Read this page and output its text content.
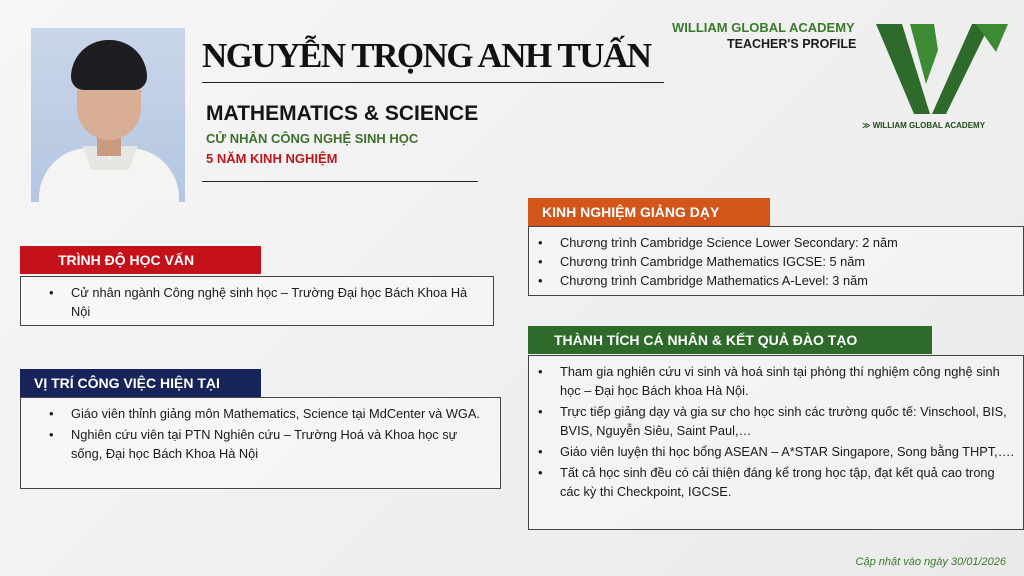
NGUYỄN TRỌNG ANH TUẤN
MATHEMATICS & SCIENCE
CỬ NHÂN CÔNG NGHỆ SINH HỌC
5 NĂM KINH NGHIỆM
WILLIAM GLOBAL ACADEMY
TEACHER'S PROFILE
≫ WILLIAM GLOBAL ACADEMY
TRÌNH ĐỘ HỌC VẤN
• Cử nhân ngành Công nghệ sinh học – Trường Đại học Bách Khoa Hà Nội
VỊ TRÍ CÔNG VIỆC HIỆN TẠI
• Giáo viên thỉnh giảng môn Mathematics, Science tại MdCenter và WGA.
• Nghiên cứu viên tại PTN Nghiên cứu – Trường Hoá và Khoa học sự sống, Đại học Bách Khoa Hà Nội
KINH NGHIỆM GIẢNG DẠY
• Chương trình Cambridge Science Lower Secondary: 2 năm
• Chương trình Cambridge Mathematics IGCSE: 5 năm
• Chương trình Cambridge Mathematics A-Level: 3 năm
THÀNH TÍCH CÁ NHÂN & KẾT QUẢ ĐÀO TẠO
• Tham gia nghiên cứu vi sinh và hoá sinh tại phòng thí nghiệm công nghệ sinh học – Đại học Bách khoa Hà Nội.
• Trực tiếp giảng dạy và gia sư cho học sinh các trường quốc tế: Vinschool, BIS, BVIS, Nguyễn Siêu, Saint Paul,…
• Giáo viên luyện thi học bổng ASEAN – A*STAR Singapore, Song bằng THPT,….
• Tất cả học sinh đều có cải thiện đáng kể trong học tập, đạt kết quả cao trong các kỳ thi Checkpoint, IGCSE.
Cập nhật vào ngày 30/01/2026
